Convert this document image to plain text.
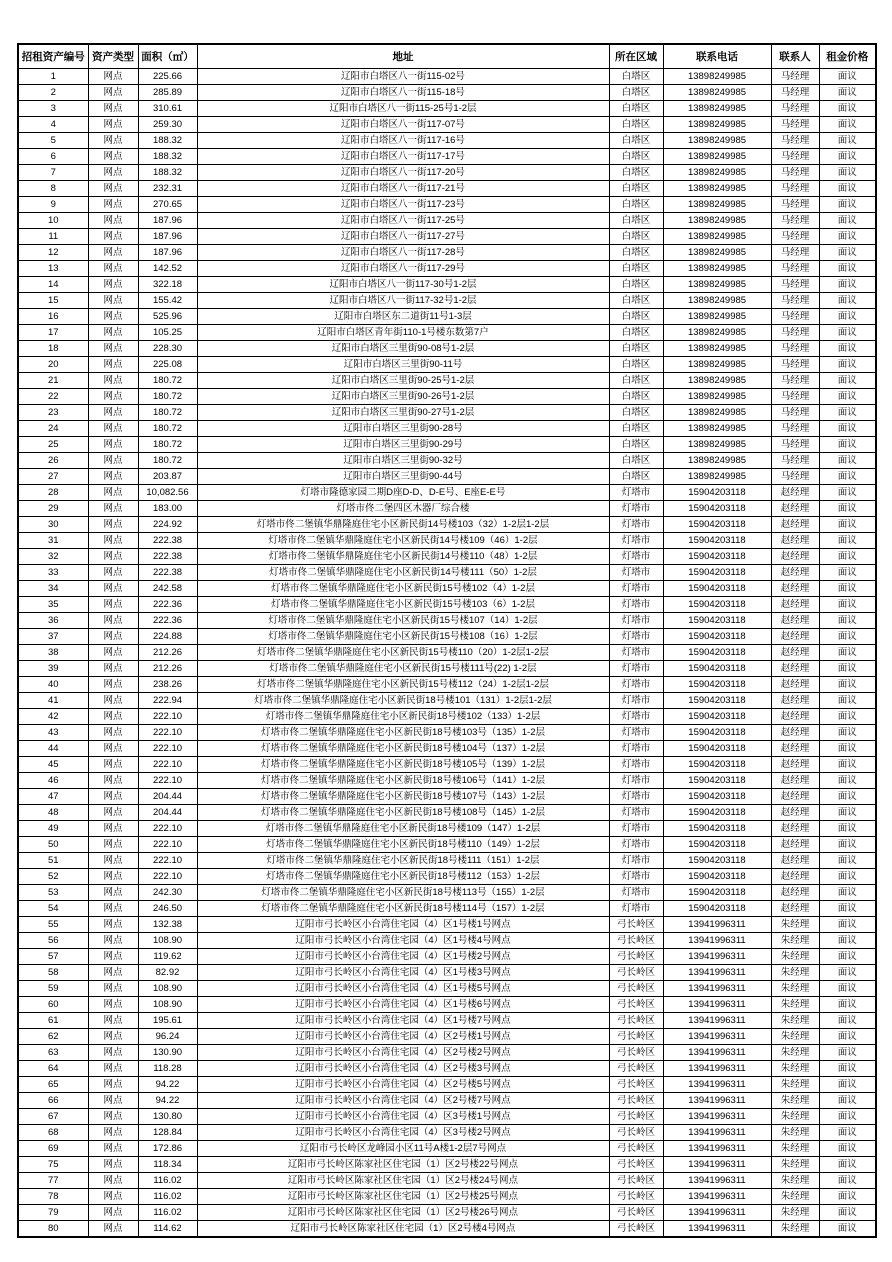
招租资产编号	资产类型	面积（㎡）	地址	所在区域	联系电话	联系人	租金价格
1	网点	225.66	辽阳市白塔区八一街115-02号	白塔区	13898249985	马经理	面议
2	网点	285.89	辽阳市白塔区八一街115-18号	白塔区	13898249985	马经理	面议
3	网点	310.61	辽阳市白塔区八一街115-25号1-2层	白塔区	13898249985	马经理	面议
4	网点	259.30	辽阳市白塔区八一街117-07号	白塔区	13898249985	马经理	面议
5	网点	188.32	辽阳市白塔区八一街117-16号	白塔区	13898249985	马经理	面议
6	网点	188.32	辽阳市白塔区八一街117-17号	白塔区	13898249985	马经理	面议
7	网点	188.32	辽阳市白塔区八一街117-20号	白塔区	13898249985	马经理	面议
8	网点	232.31	辽阳市白塔区八一街117-21号	白塔区	13898249985	马经理	面议
9	网点	270.65	辽阳市白塔区八一街117-23号	白塔区	13898249985	马经理	面议
10	网点	187.96	辽阳市白塔区八一街117-25号	白塔区	13898249985	马经理	面议
11	网点	187.96	辽阳市白塔区八一街117-27号	白塔区	13898249985	马经理	面议
12	网点	187.96	辽阳市白塔区八一街117-28号	白塔区	13898249985	马经理	面议
13	网点	142.52	辽阳市白塔区八一街117-29号	白塔区	13898249985	马经理	面议
14	网点	322.18	辽阳市白塔区八一街117-30号1-2层	白塔区	13898249985	马经理	面议
15	网点	155.42	辽阳市白塔区八一街117-32号1-2层	白塔区	13898249985	马经理	面议
16	网点	525.96	辽阳市白塔区东二道街11号1-3层	白塔区	13898249985	马经理	面议
17	网点	105.25	辽阳市白塔区青年街110-1号楼东数第7户	白塔区	13898249985	马经理	面议
18	网点	228.30	辽阳市白塔区三里街90-08号1-2层	白塔区	13898249985	马经理	面议
20	网点	225.08	辽阳市白塔区三里街90-11号	白塔区	13898249985	马经理	面议
21	网点	180.72	辽阳市白塔区三里街90-25号1-2层	白塔区	13898249985	马经理	面议
22	网点	180.72	辽阳市白塔区三里街90-26号1-2层	白塔区	13898249985	马经理	面议
23	网点	180.72	辽阳市白塔区三里街90-27号1-2层	白塔区	13898249985	马经理	面议
24	网点	180.72	辽阳市白塔区三里街90-28号	白塔区	13898249985	马经理	面议
25	网点	180.72	辽阳市白塔区三里街90-29号	白塔区	13898249985	马经理	面议
26	网点	180.72	辽阳市白塔区三里街90-32号	白塔区	13898249985	马经理	面议
27	网点	203.87	辽阳市白塔区三里街90-44号	白塔区	13898249985	马经理	面议
28	网点	10,082.56	灯塔市隆德家园二期D座D-D、D-E号、E座E-E号	灯塔市	15904203118	赵经理	面议
29	网点	183.00	灯塔市佟二堡四区木器厂综合楼	灯塔市	15904203118	赵经理	面议
30	网点	224.92	灯塔市佟二堡镇华鼎隆庭住宅小区新民街14号楼103（32）1-2层1-2层	灯塔市	15904203118	赵经理	面议
31	网点	222.38	灯塔市佟二堡镇华鼎隆庭住宅小区新民街14号楼109（46）1-2层	灯塔市	15904203118	赵经理	面议
32	网点	222.38	灯塔市佟二堡镇华鼎隆庭住宅小区新民街14号楼110（48）1-2层	灯塔市	15904203118	赵经理	面议
33	网点	222.38	灯塔市佟二堡镇华鼎隆庭住宅小区新民街14号楼111（50）1-2层	灯塔市	15904203118	赵经理	面议
34	网点	242.58	灯塔市佟二堡镇华鼎隆庭住宅小区新民街15号楼102（4）1-2层	灯塔市	15904203118	赵经理	面议
35	网点	222.36	灯塔市佟二堡镇华鼎隆庭住宅小区新民街15号楼103（6）1-2层	灯塔市	15904203118	赵经理	面议
36	网点	222.36	灯塔市佟二堡镇华鼎隆庭住宅小区新民街15号楼107（14）1-2层	灯塔市	15904203118	赵经理	面议
37	网点	224.88	灯塔市佟二堡镇华鼎隆庭住宅小区新民街15号楼108（16）1-2层	灯塔市	15904203118	赵经理	面议
38	网点	212.26	灯塔市佟二堡镇华鼎隆庭住宅小区新民街15号楼110（20）1-2层1-2层	灯塔市	15904203118	赵经理	面议
39	网点	212.26	灯塔市佟二堡镇华鼎隆庭住宅小区新民街15号楼111号(22) 1-2层	灯塔市	15904203118	赵经理	面议
40	网点	238.26	灯塔市佟二堡镇华鼎隆庭住宅小区新民街15号楼112（24）1-2层1-2层	灯塔市	15904203118	赵经理	面议
41	网点	222.94	灯塔市佟二堡镇华鼎隆庭住宅小区新民街18号楼101（131）1-2层1-2层	灯塔市	15904203118	赵经理	面议
42	网点	222.10	灯塔市佟二堡镇华鼎隆庭住宅小区新民街18号楼102（133）1-2层	灯塔市	15904203118	赵经理	面议
43	网点	222.10	灯塔市佟二堡镇华鼎隆庭住宅小区新民街18号楼103号（135）1-2层	灯塔市	15904203118	赵经理	面议
44	网点	222.10	灯塔市佟二堡镇华鼎隆庭住宅小区新民街18号楼104号（137）1-2层	灯塔市	15904203118	赵经理	面议
45	网点	222.10	灯塔市佟二堡镇华鼎隆庭住宅小区新民街18号楼105号（139）1-2层	灯塔市	15904203118	赵经理	面议
46	网点	222.10	灯塔市佟二堡镇华鼎隆庭住宅小区新民街18号楼106号（141）1-2层	灯塔市	15904203118	赵经理	面议
47	网点	204.44	灯塔市佟二堡镇华鼎隆庭住宅小区新民街18号楼107号（143）1-2层	灯塔市	15904203118	赵经理	面议
48	网点	204.44	灯塔市佟二堡镇华鼎隆庭住宅小区新民街18号楼108号（145）1-2层	灯塔市	15904203118	赵经理	面议
49	网点	222.10	灯塔市佟二堡镇华鼎隆庭住宅小区新民街18号楼109（147）1-2层	灯塔市	15904203118	赵经理	面议
50	网点	222.10	灯塔市佟二堡镇华鼎隆庭住宅小区新民街18号楼110（149）1-2层	灯塔市	15904203118	赵经理	面议
51	网点	222.10	灯塔市佟二堡镇华鼎隆庭住宅小区新民街18号楼111（151）1-2层	灯塔市	15904203118	赵经理	面议
52	网点	222.10	灯塔市佟二堡镇华鼎隆庭住宅小区新民街18号楼112（153）1-2层	灯塔市	15904203118	赵经理	面议
53	网点	242.30	灯塔市佟二堡镇华鼎隆庭住宅小区新民街18号楼113号（155）1-2层	灯塔市	15904203118	赵经理	面议
54	网点	246.50	灯塔市佟二堡镇华鼎隆庭住宅小区新民街18号楼114号（157）1-2层	灯塔市	15904203118	赵经理	面议
55	网点	132.38	辽阳市弓长岭区小台湾住宅园（4）区1号楼1号网点	弓长岭区	13941996311	朱经理	面议
56	网点	108.90	辽阳市弓长岭区小台湾住宅园（4）区1号楼4号网点	弓长岭区	13941996311	朱经理	面议
57	网点	119.62	辽阳市弓长岭区小台湾住宅园（4）区1号楼2号网点	弓长岭区	13941996311	朱经理	面议
58	网点	82.92	辽阳市弓长岭区小台湾住宅园（4）区1号楼3号网点	弓长岭区	13941996311	朱经理	面议
59	网点	108.90	辽阳市弓长岭区小台湾住宅园（4）区1号楼5号网点	弓长岭区	13941996311	朱经理	面议
60	网点	108.90	辽阳市弓长岭区小台湾住宅园（4）区1号楼6号网点	弓长岭区	13941996311	朱经理	面议
61	网点	195.61	辽阳市弓长岭区小台湾住宅园（4）区1号楼7号网点	弓长岭区	13941996311	朱经理	面议
62	网点	96.24	辽阳市弓长岭区小台湾住宅园（4）区2号楼1号网点	弓长岭区	13941996311	朱经理	面议
63	网点	130.90	辽阳市弓长岭区小台湾住宅园（4）区2号楼2号网点	弓长岭区	13941996311	朱经理	面议
64	网点	118.28	辽阳市弓长岭区小台湾住宅园（4）区2号楼3号网点	弓长岭区	13941996311	朱经理	面议
65	网点	94.22	辽阳市弓长岭区小台湾住宅园（4）区2号楼5号网点	弓长岭区	13941996311	朱经理	面议
66	网点	94.22	辽阳市弓长岭区小台湾住宅园（4）区2号楼7号网点	弓长岭区	13941996311	朱经理	面议
67	网点	130.80	辽阳市弓长岭区小台湾住宅园（4）区3号楼1号网点	弓长岭区	13941996311	朱经理	面议
68	网点	128.84	辽阳市弓长岭区小台湾住宅园（4）区3号楼2号网点	弓长岭区	13941996311	朱经理	面议
69	网点	172.86	辽阳市弓长岭区龙峰园小区11号A楼1-2层7号网点	弓长岭区	13941996311	朱经理	面议
75	网点	118.34	辽阳市弓长岭区陈家社区住宅园（1）区2号楼22号网点	弓长岭区	13941996311	朱经理	面议
77	网点	116.02	辽阳市弓长岭区陈家社区住宅园（1）区2号楼24号网点	弓长岭区	13941996311	朱经理	面议
78	网点	116.02	辽阳市弓长岭区陈家社区住宅园（1）区2号楼25号网点	弓长岭区	13941996311	朱经理	面议
79	网点	116.02	辽阳市弓长岭区陈家社区住宅园（1）区2号楼26号网点	弓长岭区	13941996311	朱经理	面议
80	网点	114.62	辽阳市弓长岭区陈家社区住宅园（1）区2号楼4号网点	弓长岭区	13941996311	朱经理	面议
